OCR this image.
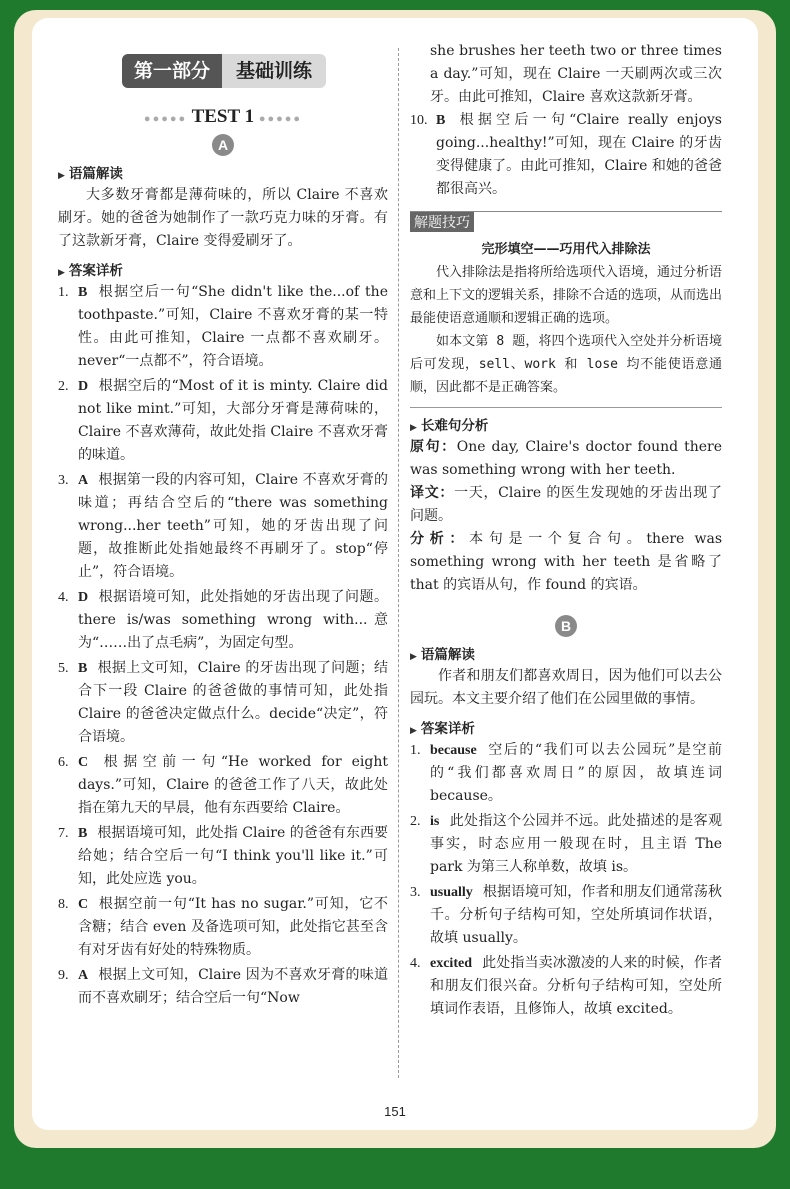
第一部分	基础训练
●●●●● TEST 1 ●●●●●
A
▶ 语篇解读

大多数牙膏都是薄荷味的，所以 Claire 不喜欢刷牙。她的爸爸为她制作了一款巧克力味的牙膏。有了这款新牙膏，Claire 变得爱刷牙了。

▶ 答案详析
1. B 根据空后一句“She didn't like the...of the toothpaste.”可知，Claire 不喜欢牙膏的某一特性。由此可推知，Claire 一点都不喜欢刷牙。never“一点都不”，符合语境。
2. D 根据空后的“Most of it is minty. Claire did not like mint.”可知，大部分牙膏是薄荷味的，Claire 不喜欢薄荷，故此处指 Claire 不喜欢牙膏的味道。
3. A 根据第一段的内容可知，Claire 不喜欢牙膏的味道；再结合空后的“there was something wrong...her teeth”可知，她的牙齿出现了问题，故推断此处指她最终不再刷牙了。stop“停止”，符合语境。
4. D 根据语境可知，此处指她的牙齿出现了问题。there is/was something wrong with...意为“……出了点毛病”，为固定句型。
5. B 根据上文可知，Claire 的牙齿出现了问题；结合下一段 Claire 的爸爸做的事情可知，此处指 Claire 的爸爸决定做点什么。decide“决定”，符合语境。
6. C 根据空前一句“He worked for eight days.”可知，Claire 的爸爸工作了八天，故此处指在第九天的早晨，他有东西要给 Claire。
7. B 根据语境可知，此处指 Claire 的爸爸有东西要给她；结合空后一句“I think you'll like it.”可知，此处应选 you。
8. C 根据空前一句“It has no sugar.”可知，它不含糖；结合 even 及备选项可知，此处指它甚至含有对牙齿有好处的特殊物质。
9. A 根据上文可知，Claire 因为不喜欢牙膏的味道而不喜欢刷牙；结合空后一句“Now

she brushes her teeth two or three times a day.”可知，现在 Claire 一天刷两次或三次牙。由此可推知，Claire 喜欢这款新牙膏。

10. B 根据空后一句“Claire really enjoys going...healthy!”可知，现在 Claire 的牙齿变得健康了。由此可推知，Claire 和她的爸爸都很高兴。
解题技巧
完形填空——巧用代入排除法
代入排除法是指将所给选项代入语境，通过分析语意和上下文的逻辑关系，排除不合适的选项，从而选出最能使语意通顺和逻辑正确的选项。
如本文第 8 题，将四个选项代入空处并分析语境后可发现，sell、work 和 lose 均不能使语意通顺，因此都不是正确答案。
▶ 长难句分析

原句：One day, Claire's doctor found there was something wrong with her teeth.

译文：一天，Claire 的医生发现她的牙齿出现了问题。

分析：本句是一个复合句。there was something wrong with her teeth 是省略了 that 的宾语从句，作 found 的宾语。

B
▶ 语篇解读

作者和朋友们都喜欢周日，因为他们可以去公园玩。本文主要介绍了他们在公园里做的事情。

▶ 答案详析
1. because 空后的“我们可以去公园玩”是空前的“我们都喜欢周日”的原因，故填连词 because。
2. is 此处指这个公园并不远。此处描述的是客观事实，时态应用一般现在时，且主语 The park 为第三人称单数，故填 is。
3. usually 根据语境可知，作者和朋友们通常荡秋千。分析句子结构可知，空处所填词作状语，故填 usually。
4. excited 此处指当卖冰激凌的人来的时候，作者和朋友们很兴奋。分析句子结构可知，空处所填词作表语，且修饰人，故填 excited。
151
